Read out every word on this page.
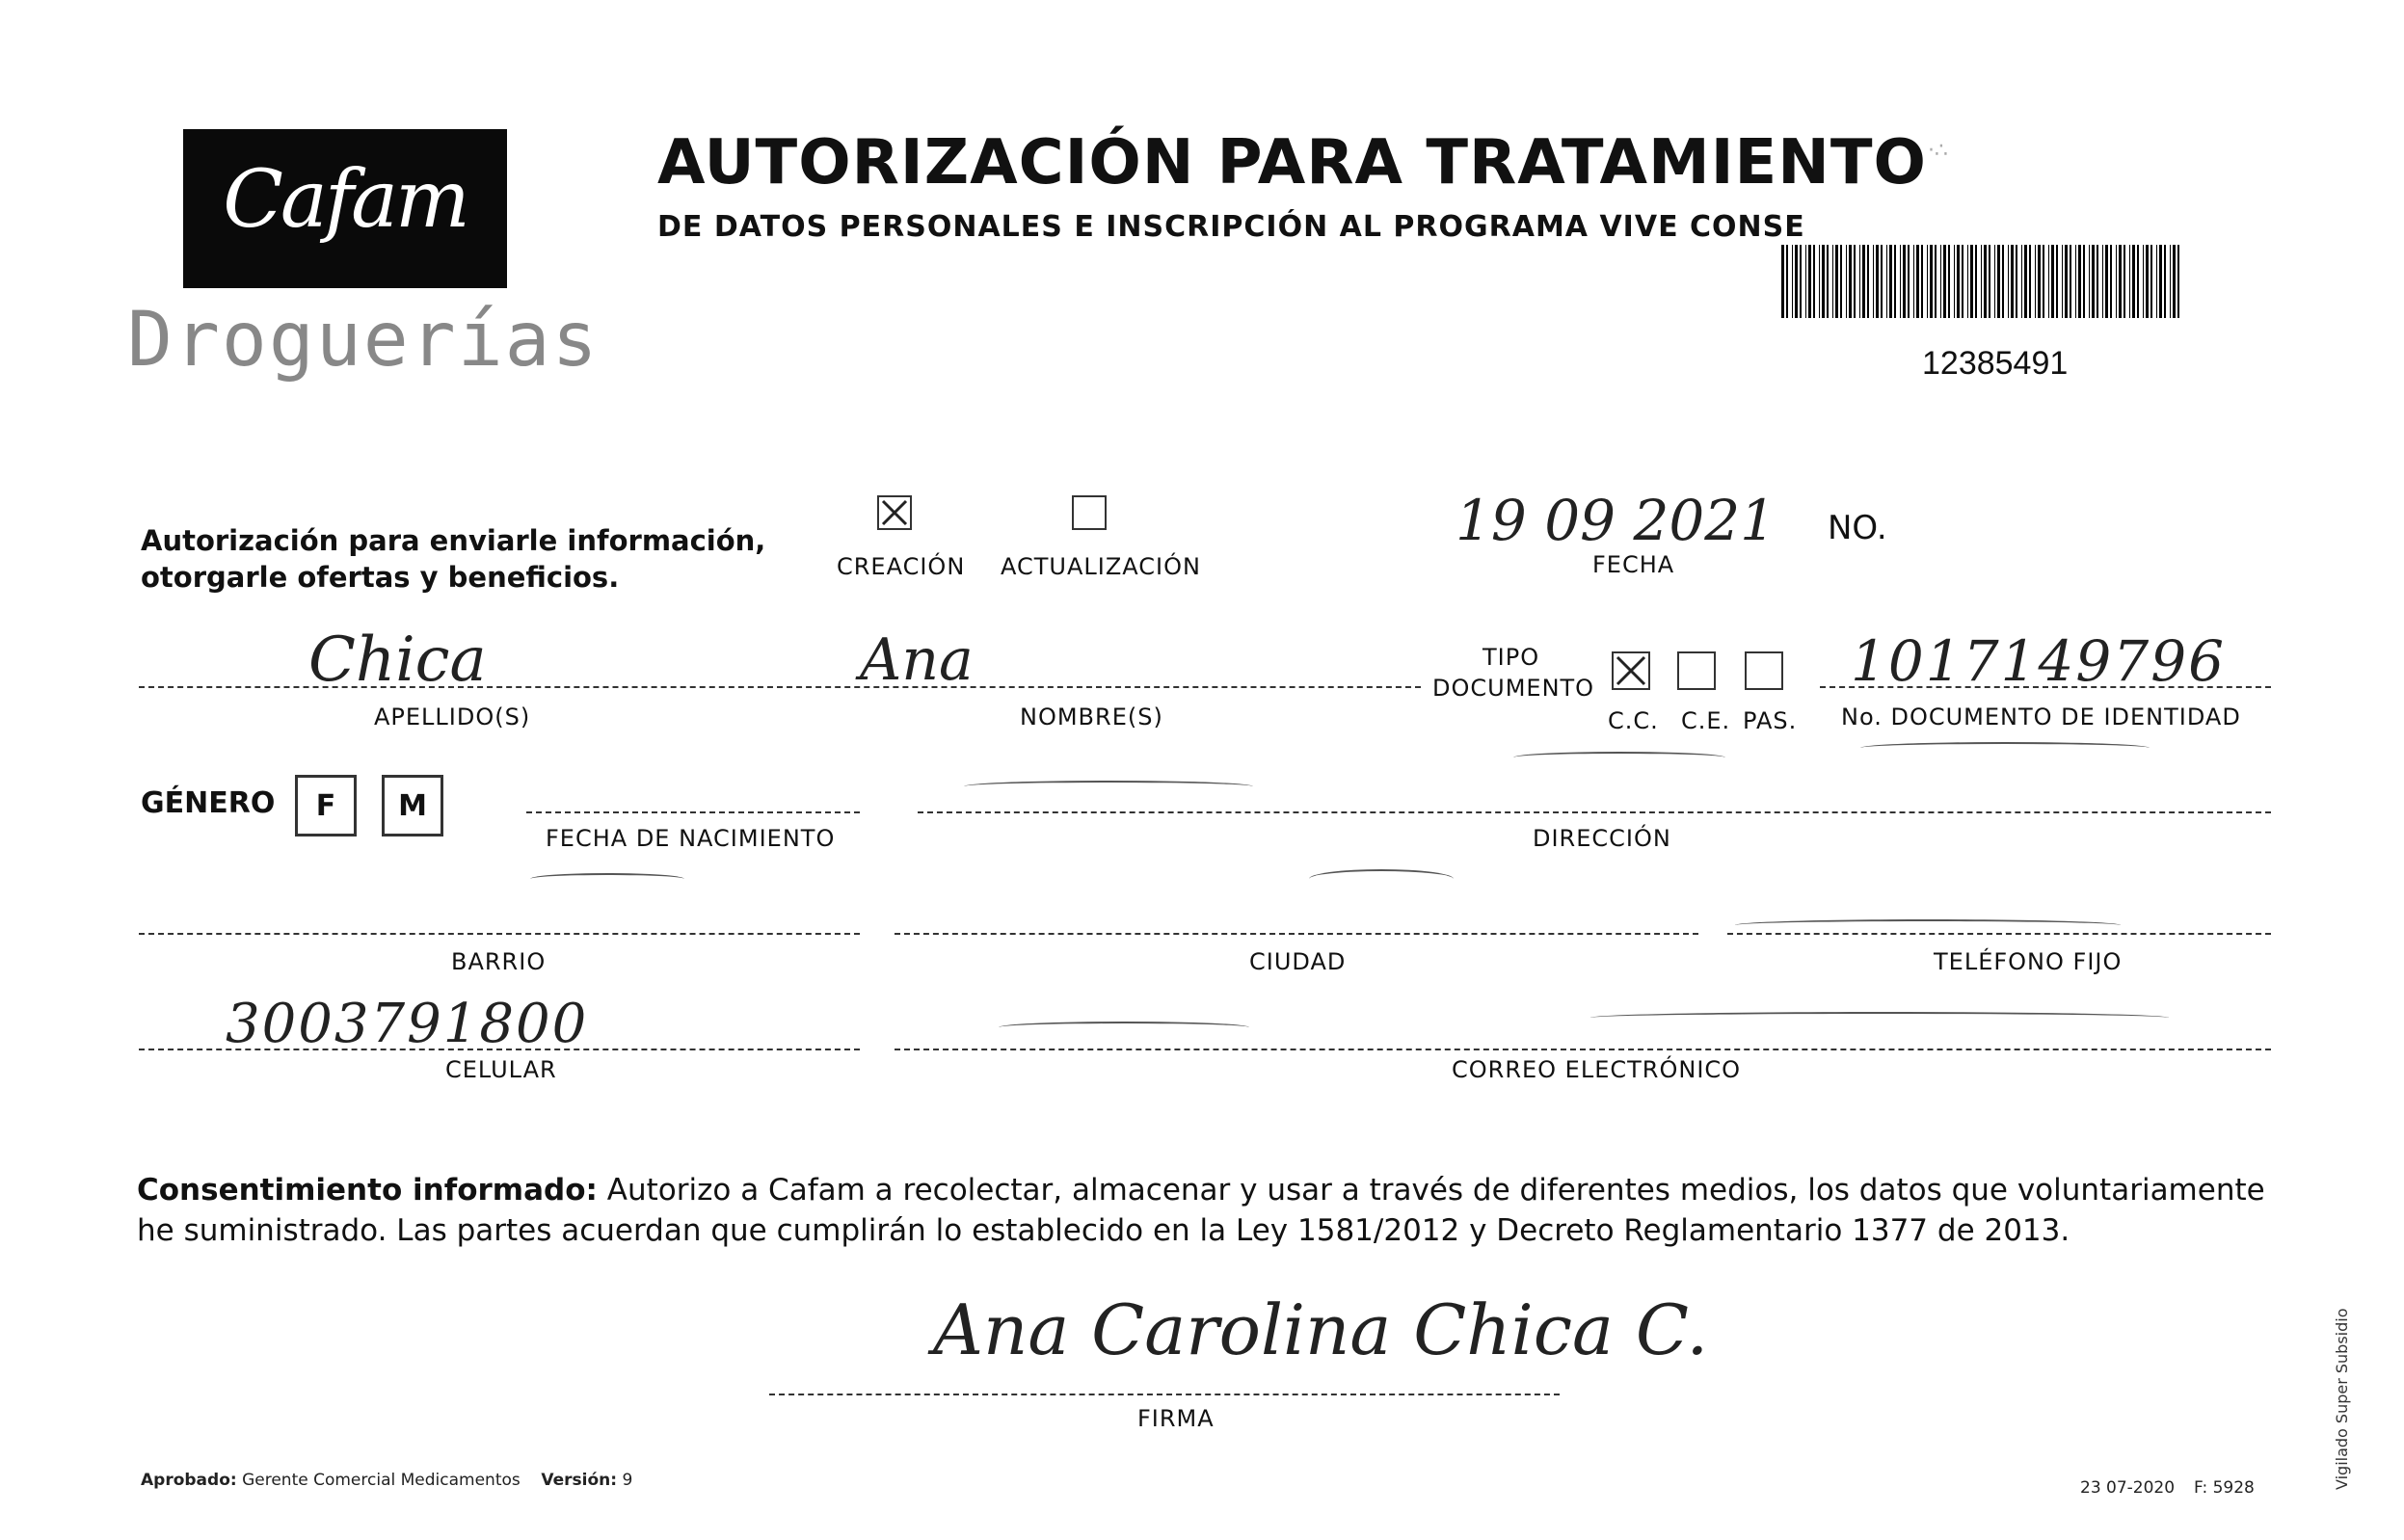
Cafam
Droguerías
AUTORIZACIÓN PARA TRATAMIENTO
DE DATOS PERSONALES E INSCRIPCIÓN AL PROGRAMA VIVE CONSE
·∴
12385491
Autorización para enviarle información,
otorgarle ofertas y beneficios.	CREACIÓN ACTUALIZACIÓN
19 09 2021
FECHA
NO.
Chica
APELLIDO(S)
Ana
NOMBRE(S)
TIPO
DOCUMENTO
C.C. C.E. PAS.
1017149796
No. DOCUMENTO DE IDENTIDAD
GÉNERO	F	M
FECHA DE NACIMIENTO	DIRECCIÓN
BARRIO	CIUDAD	TELÉFONO FIJO
3003791800
CELULAR	CORREO ELECTRÓNICO
Consentimiento informado: Autorizo a Cafam a recolectar, almacenar y usar a través de diferentes medios, los datos que voluntariamente he suministrado. Las partes acuerdan que cumplirán lo establecido en la Ley 1581/2012 y Decreto Reglamentario 1377 de 2013.
Ana Carolina Chica C.
FIRMA
Aprobado: Gerente Comercial Medicamentos Versión: 9	23 07-2020 F: 5928	Vigilado Super Subsidio
